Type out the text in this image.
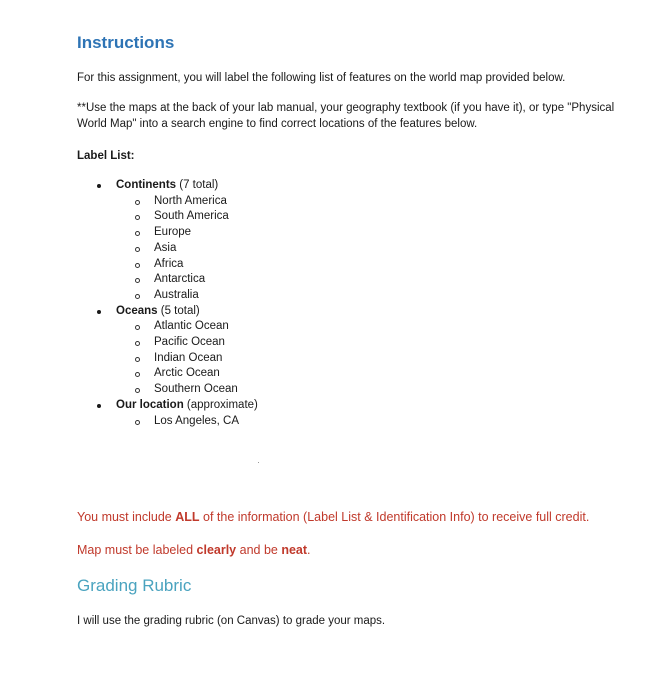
Instructions
For this assignment, you will label the following list of features on the world map provided below.
**Use the maps at the back of your lab manual, your geography textbook (if you have it), or type "Physical World Map" into a search engine to find correct locations of the features below.
Label List:
Continents (7 total)
North America
South America
Europe
Asia
Africa
Antarctica
Australia
Oceans (5 total)
Atlantic Ocean
Pacific Ocean
Indian Ocean
Arctic Ocean
Southern Ocean
Our location (approximate)
Los Angeles, CA
You must include ALL of the information (Label List & Identification Info) to receive full credit.
Map must be labeled clearly and be neat.
Grading Rubric
I will use the grading rubric (on Canvas) to grade your maps.
